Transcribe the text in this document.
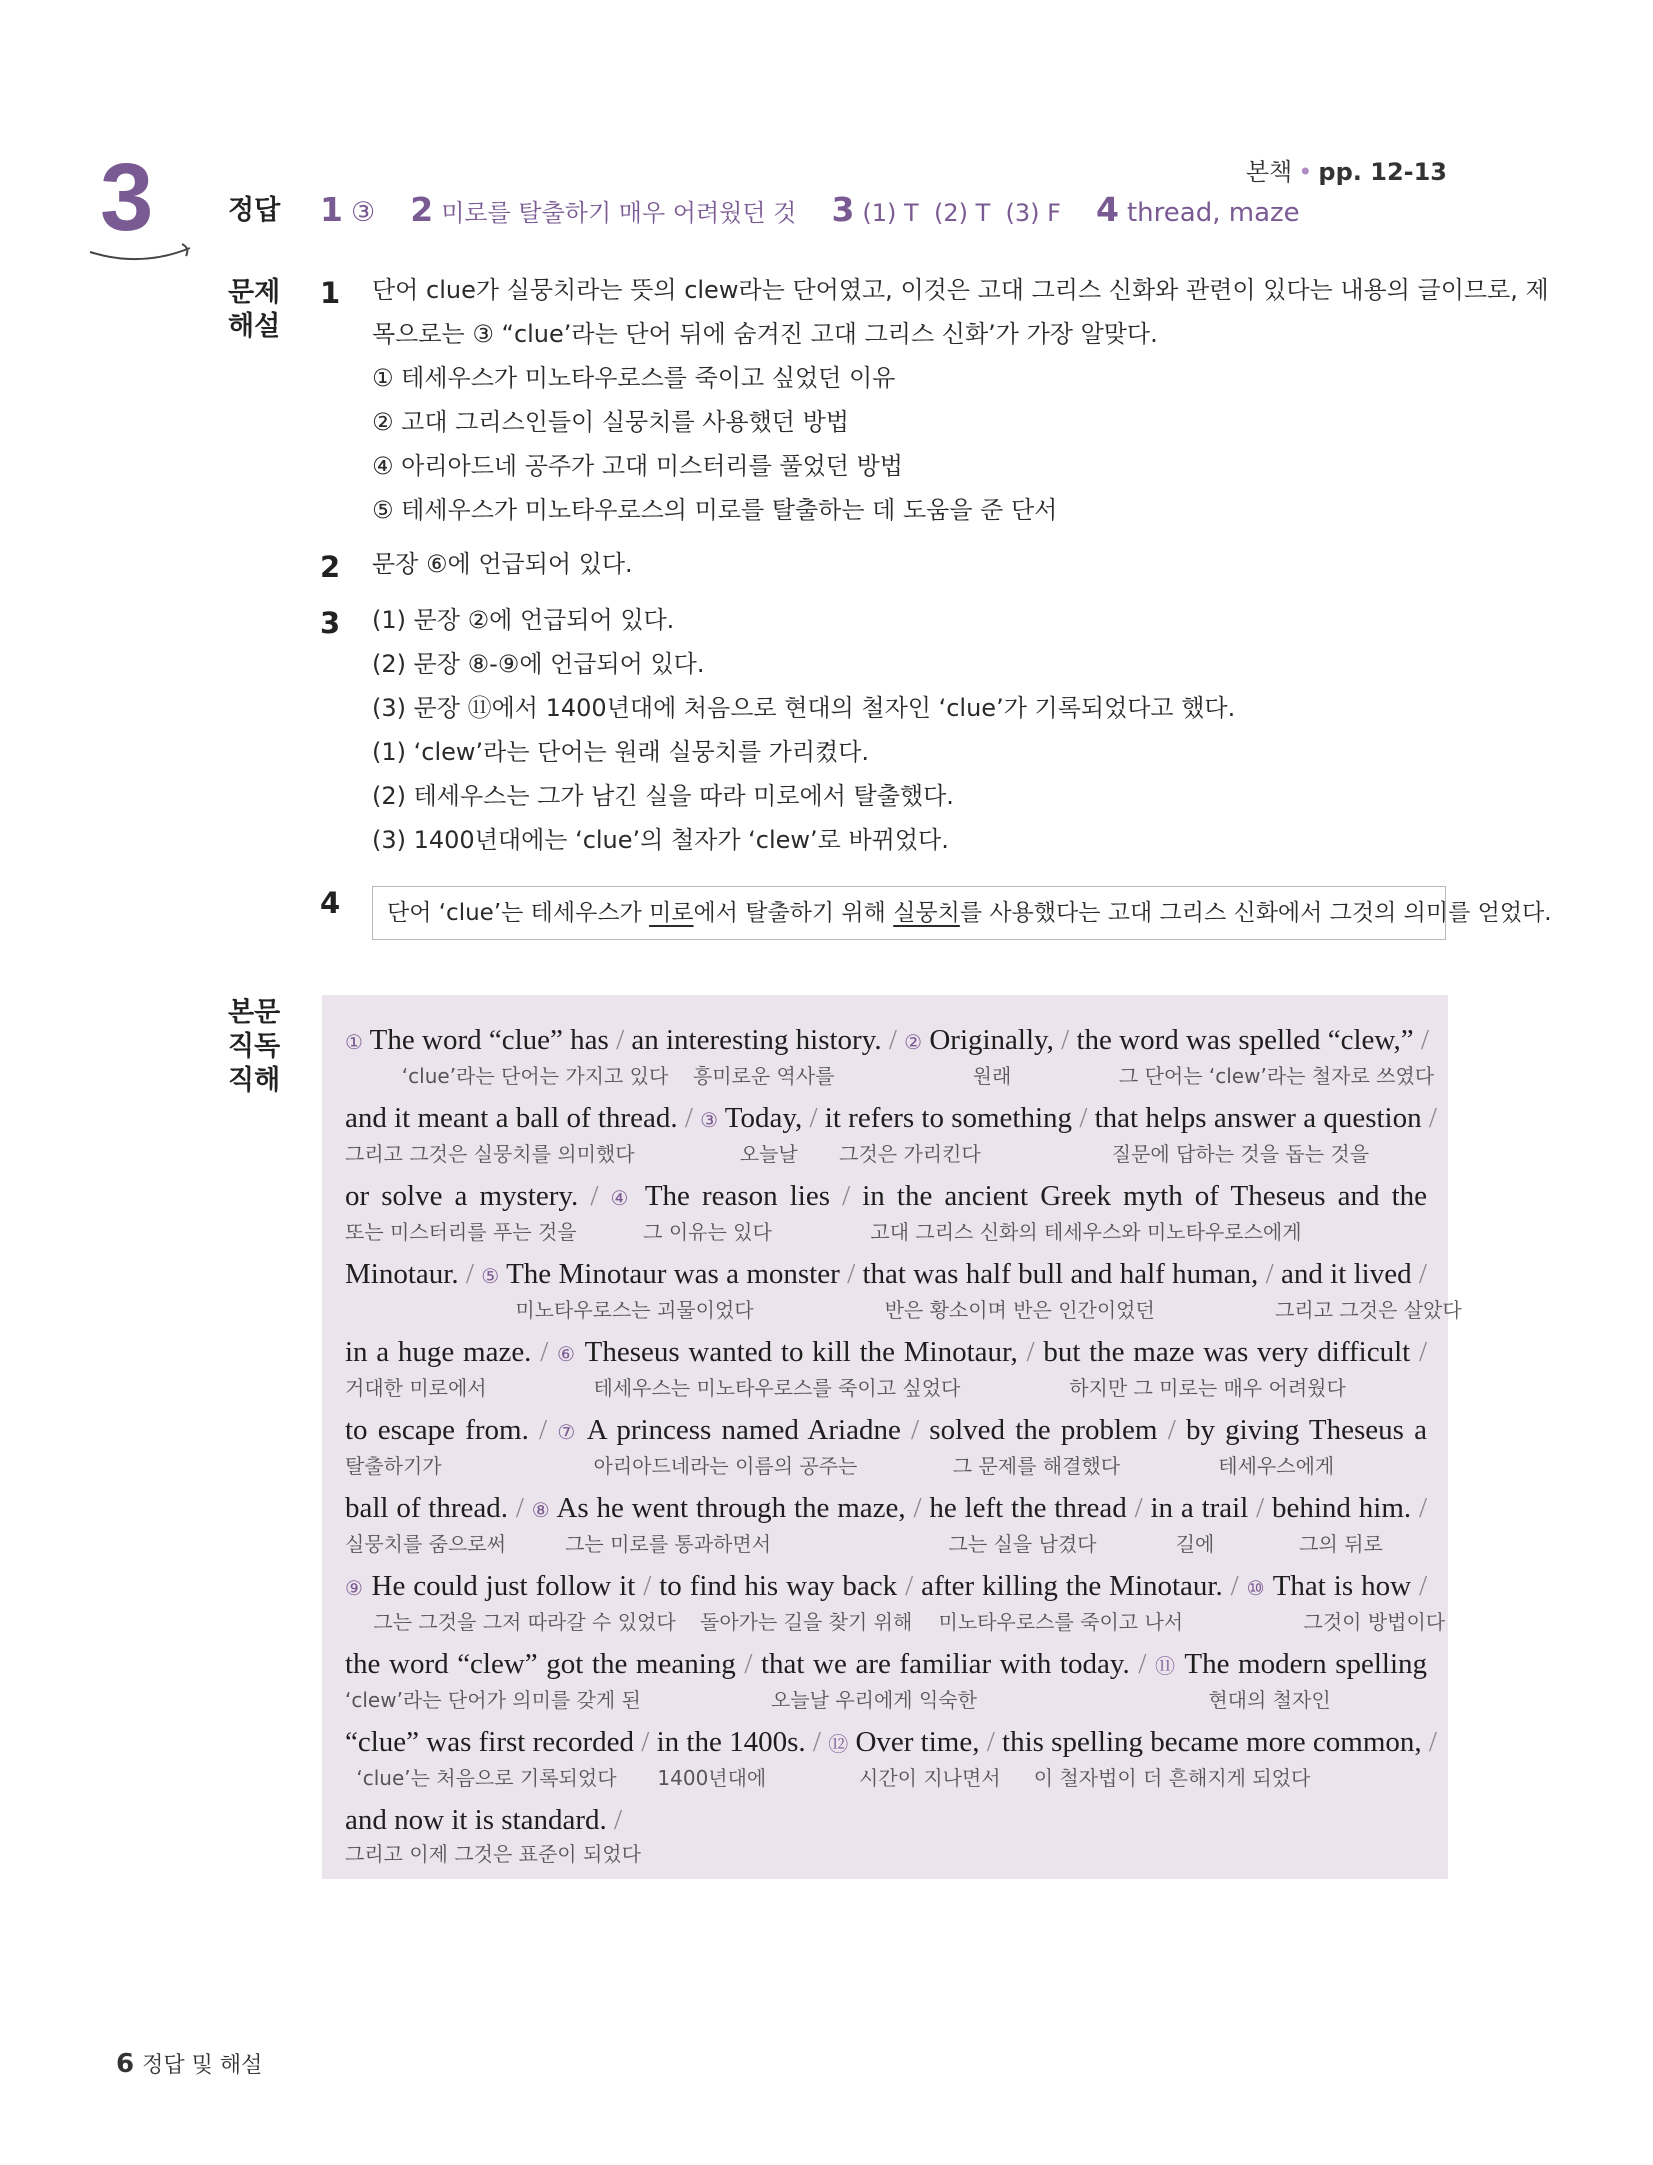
본책 • pp. 12-13
3	정답 1 ③ 2 미로를 탈출하기 매우 어려웠던 것 3 (1) T  (2) T  (3) F 4 thread, maze
문제
해설
1 단어 clue가 실뭉치라는 뜻의 clew라는 단어였고, 이것은 고대 그리스 신화와 관련이 있다는 내용의 글이므로, 제
목으로는 ③ “clue’라는 단어 뒤에 숨겨진 고대 그리스 신화’가 가장 알맞다.
① 테세우스가 미노타우로스를 죽이고 싶었던 이유
② 고대 그리스인들이 실뭉치를 사용했던 방법
④ 아리아드네 공주가 고대 미스터리를 풀었던 방법
⑤ 테세우스가 미노타우로스의 미로를 탈출하는 데 도움을 준 단서
2 문장 ⑥에 언급되어 있다.
3 (1) 문장 ②에 언급되어 있다.
(2) 문장 ⑧-⑨에 언급되어 있다.
(3) 문장 ⑪에서 1400년대에 처음으로 현대의 철자인 ‘clue’가 기록되었다고 했다.
(1) ‘clew’라는 단어는 원래 실뭉치를 가리켰다.
(2) 테세우스는 그가 남긴 실을 따라 미로에서 탈출했다.
(3) 1400년대에는 ‘clue’의 철자가 ‘clew’로 바뀌었다.
4	단어 ‘clue’는 테세우스가 미로에서 탈출하기 위해 실뭉치를 사용했다는 고대 그리스 신화에서 그것의 의미를 얻었다.
본문
직독
직해
① The word “clue” has / an interesting history. / ② Originally, / the word was spelled “clew,” /
‘clue’라는 단어는 가지고 있다 흥미로운 역사를	원래	그 단어는 ‘clew’라는 철자로 쓰였다
and it meant a ball of thread. / ③ Today, / it refers to something / that helps answer a question /
그리고 그것은 실뭉치를 의미했다	오늘날 그것은 가리킨다	질문에 답하는 것을 돕는 것을
or solve a mystery. / ④ The reason lies / in the ancient Greek myth of Theseus and the
또는 미스터리를 푸는 것을	그 이유는 있다	고대 그리스 신화의 테세우스와 미노타우로스에게
Minotaur. / ⑤ The Minotaur was a monster / that was half bull and half human, / and it lived /
미노타우로스는 괴물이었다	반은 황소이며 반은 인간이었던	그리고 그것은 살았다
in a huge maze. / ⑥ Theseus wanted to kill the Minotaur, / but the maze was very difficult /
거대한 미로에서	테세우스는 미노타우로스를 죽이고 싶었다	하지만 그 미로는 매우 어려웠다
to escape from. / ⑦ A princess named Ariadne / solved the problem / by giving Theseus a
탈출하기가	아리아드네라는 이름의 공주는	그 문제를 해결했다	테세우스에게
ball of thread. / ⑧ As he went through the maze, / he left the thread / in a trail / behind him. /
실뭉치를 줌으로써	그는 미로를 통과하면서	그는 실을 남겼다	길에	그의 뒤로
⑨ He could just follow it / to find his way back / after killing the Minotaur. / ⑩ That is how /
그는 그것을 그저 따라갈 수 있었다 돌아가는 길을 찾기 위해 미노타우로스를 죽이고 나서	그것이 방법이다
the word “clew” got the meaning / that we are familiar with today. / ⑪ The modern spelling
‘clew’라는 단어가 의미를 갖게 된	오늘날 우리에게 익숙한	현대의 철자인
“clue” was first recorded / in the 1400s. / ⑫ Over time, / this spelling became more common, /
‘clue’는 처음으로 기록되었다 1400년대에	시간이 지나면서 이 철자법이 더 흔해지게 되었다
and now it is standard. /
그리고 이제 그것은 표준이 되었다
6 정답 및 해설
